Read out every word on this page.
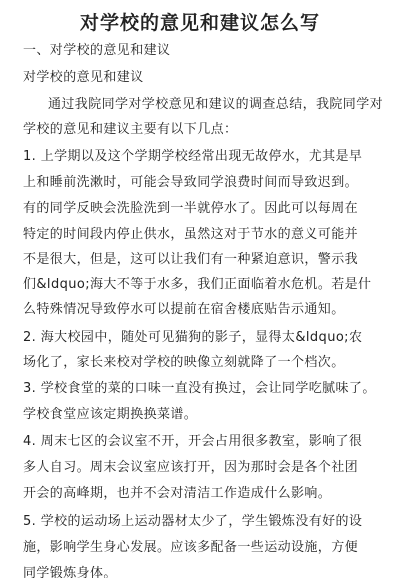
对学校的意见和建议怎么写
一、对学校的意见和建议
对学校的意见和建议
通过我院同学对学校意见和建议的调查总结，我院同学对
学校的意见和建议主要有以下几点：
1. 上学期以及这个学期学校经常出现无故停水，尤其是早
上和睡前洗漱时，可能会导致同学浪费时间而导致迟到。
有的同学反映会洗脸洗到一半就停水了。因此可以每周在
特定的时间段内停止供水，虽然这对于节水的意义可能并
不是很大，但是，这可以让我们有一种紧迫意识，警示我
们&ldquo;海大不等于水多，我们正面临着水危机。若是什
么特殊情况导致停水可以提前在宿舍楼底贴告示通知。
2. 海大校园中，随处可见猫狗的影子，显得太&ldquo;农
场化了，家长来校对学校的映像立刻就降了一个档次。
3. 学校食堂的菜的口味一直没有换过，会让同学吃腻味了。
学校食堂应该定期换换菜谱。
4. 周末七区的会议室不开，开会占用很多教室，影响了很
多人自习。周末会议室应该打开，因为那时会是各个社团
开会的高峰期，也并不会对清洁工作造成什么影响。
5. 学校的运动场上运动器材太少了，学生锻炼没有好的设
施，影响学生身心发展。应该多配备一些运动设施，方便
同学锻炼身体。
